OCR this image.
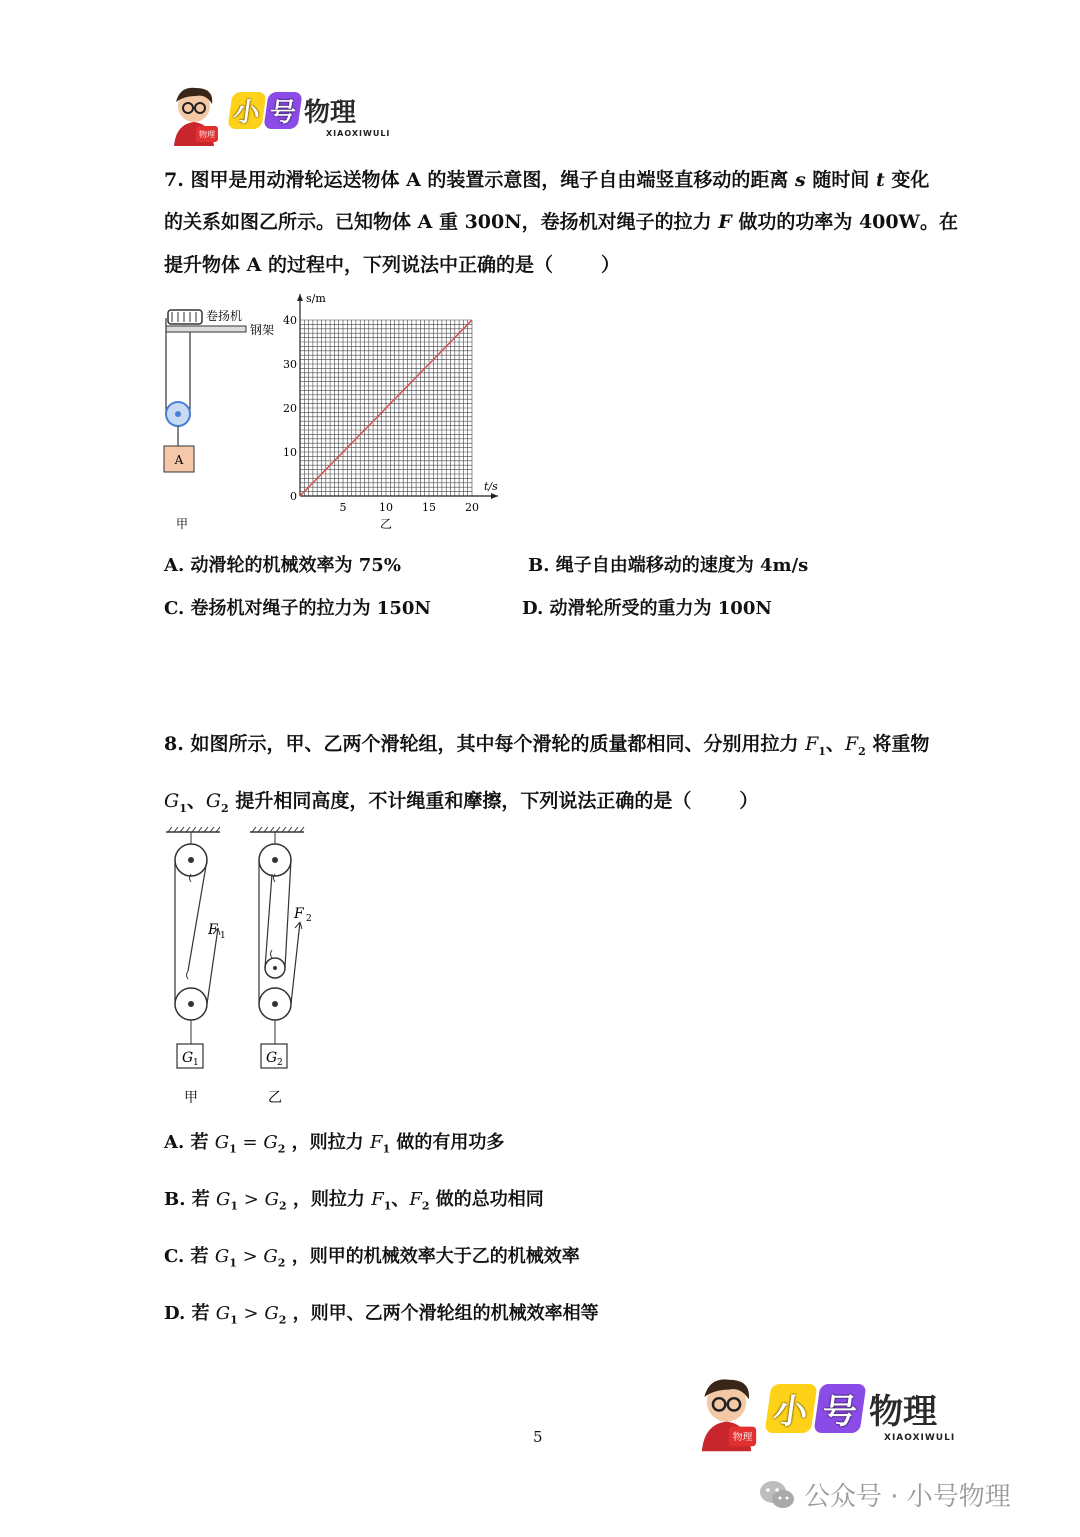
物理
小 号 物理
XIAOXIWULI
7. 图甲是用动滑轮运送物体 A 的装置示意图，绳子自由端竖直移动的距离 s 随时间 t 变化
的关系如图乙所示。已知物体 A 重 300N，卷扬机对绳子的拉力 F 做功的功率为 400W。在
提升物体 A 的过程中，下列说法中正确的是（	）
卷扬机
钢架
A
甲
5	10	15	20
10
20
30
40
s/m
t/s
0
乙
A. 动滑轮的机械效率为 75%	B. 绳子自由端移动的速度为 4m/s
C. 卷扬机对绳子的拉力为 150N	D. 动滑轮所受的重力为 100N
8. 如图所示，甲、乙两个滑轮组，其中每个滑轮的质量都相同、分别用拉力 $F_1$、$F_2$ 将重物
$G_1$、$G_2$ 提升相同高度，不计绳重和摩擦，下列说法正确的是（	）
F 1
G 1
甲
F 2
G 2
乙
A. 若 $G_1 = G_2$ ，则拉力 $F_1$ 做的有用功多
B. 若 $G_1 > G_2$ ，则拉力 $F_1$、$F_2$ 做的总功相同
C. 若 $G_1 > G_2$ ，则甲的机械效率大于乙的机械效率
D. 若 $G_1 > G_2$ ，则甲、乙两个滑轮组的机械效率相等
5	物理
小 号 物理
XIAOXIWULI
公众号 · 小号物理
